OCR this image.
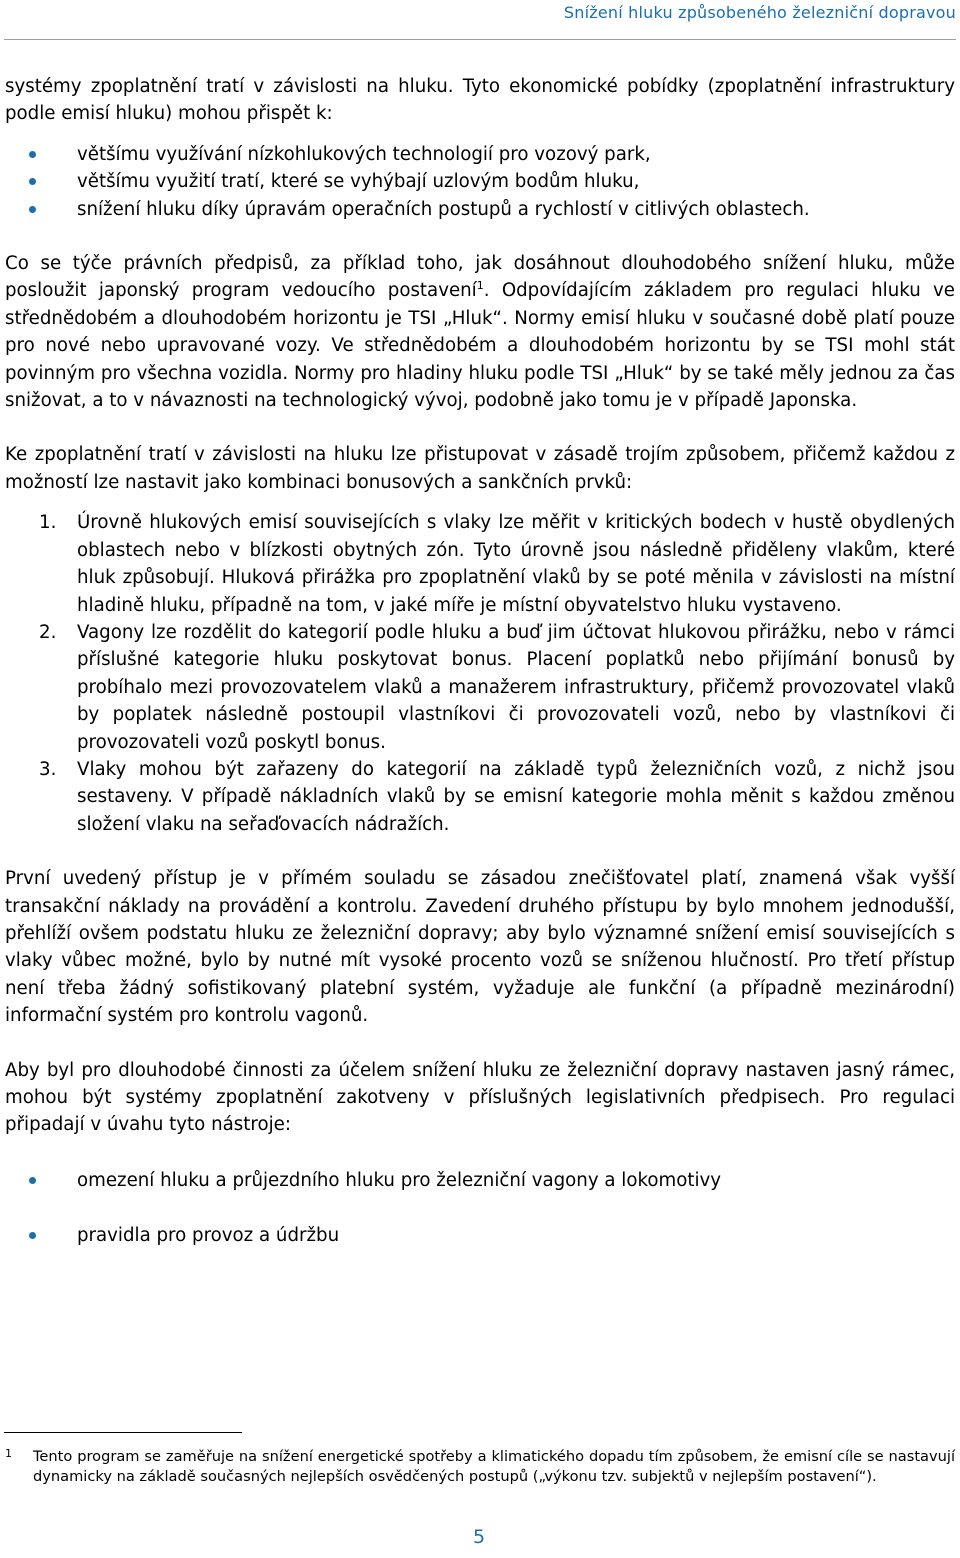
Snížení hluku způsobeného železniční dopravou

systémy zpoplatnění tratí v závislosti na hluku. Tyto ekonomické pobídky (zpoplatnění infrastruktury podle emisí hluku) mohou přispět k:

většímu využívání nízkohlukových technologií pro vozový park,
většímu využití tratí, které se vyhýbají uzlovým bodům hluku,
snížení hluku díky úpravám operačních postupů a rychlostí v citlivých oblastech.

Co se týče právních předpisů, za příklad toho, jak dosáhnout dlouhodobého snížení hluku, může posloužit japonský program vedoucího postavení$^1$. Odpovídajícím základem pro regulaci hluku ve střednědobém a dlouhodobém horizontu je TSI „Hluk“. Normy emisí hluku v současné době platí pouze pro nové nebo upravované vozy. Ve střednědobém a dlouhodobém horizontu by se TSI mohl stát povinným pro všechna vozidla. Normy pro hladiny hluku podle TSI „Hluk“ by se také měly jednou za čas snižovat, a to v návaznosti na technologický vývoj, podobně jako tomu je v případě Japonska.

Ke zpoplatnění tratí v závislosti na hluku lze přistupovat v zásadě trojím způsobem, přičemž každou z možností lze nastavit jako kombinaci bonusových a sankčních prvků:

1. Úrovně hlukových emisí souvisejících s vlaky lze měřit v kritických bodech v hustě obydlených oblastech nebo v blízkosti obytných zón. Tyto úrovně jsou následně přiděleny vlakům, které hluk způsobují. Hluková přirážka pro zpoplatnění vlaků by se poté měnila v závislosti na místní hladině hluku, případně na tom, v jaké míře je místní obyvatelstvo hluku vystaveno.
2. Vagony lze rozdělit do kategorií podle hluku a buď jim účtovat hlukovou přirážku, nebo v rámci příslušné kategorie hluku poskytovat bonus. Placení poplatků nebo přijímání bonusů by probíhalo mezi provozovatelem vlaků a manažerem infrastruktury, přičemž provozovatel vlaků by poplatek následně postoupil vlastníkovi či provozovateli vozů, nebo by vlastníkovi či provozovateli vozů poskytl bonus.
3. Vlaky mohou být zařazeny do kategorií na základě typů železničních vozů, z nichž jsou sestaveny. V případě nákladních vlaků by se emisní kategorie mohla měnit s každou změnou složení vlaku na seřaďovacích nádražích.

První uvedený přístup je v přímém souladu se zásadou znečišťovatel platí, znamená však vyšší transakční náklady na provádění a kontrolu. Zavedení druhého přístupu by bylo mnohem jednodušší, přehlíží ovšem podstatu hluku ze železniční dopravy; aby bylo významné snížení emisí souvisejících s vlaky vůbec možné, bylo by nutné mít vysoké procento vozů se sníženou hlučností. Pro třetí přístup není třeba žádný sofistikovaný platební systém, vyžaduje ale funkční (a případně mezinárodní) informační systém pro kontrolu vagonů.

Aby byl pro dlouhodobé činnosti za účelem snížení hluku ze železniční dopravy nastaven jasný rámec, mohou být systémy zpoplatnění zakotveny v příslušných legislativních předpisech. Pro regulaci připadají v úvahu tyto nástroje:

omezení hluku a průjezdního hluku pro železniční vagony a lokomotivy
pravidla pro provoz a údržbu
1 Tento program se zaměřuje na snížení energetické spotřeby a klimatického dopadu tím způsobem, že emisní cíle se nastavují dynamicky na základě současných nejlepších osvědčených postupů („výkonu tzv. subjektů v nejlepším postavení“).
5
